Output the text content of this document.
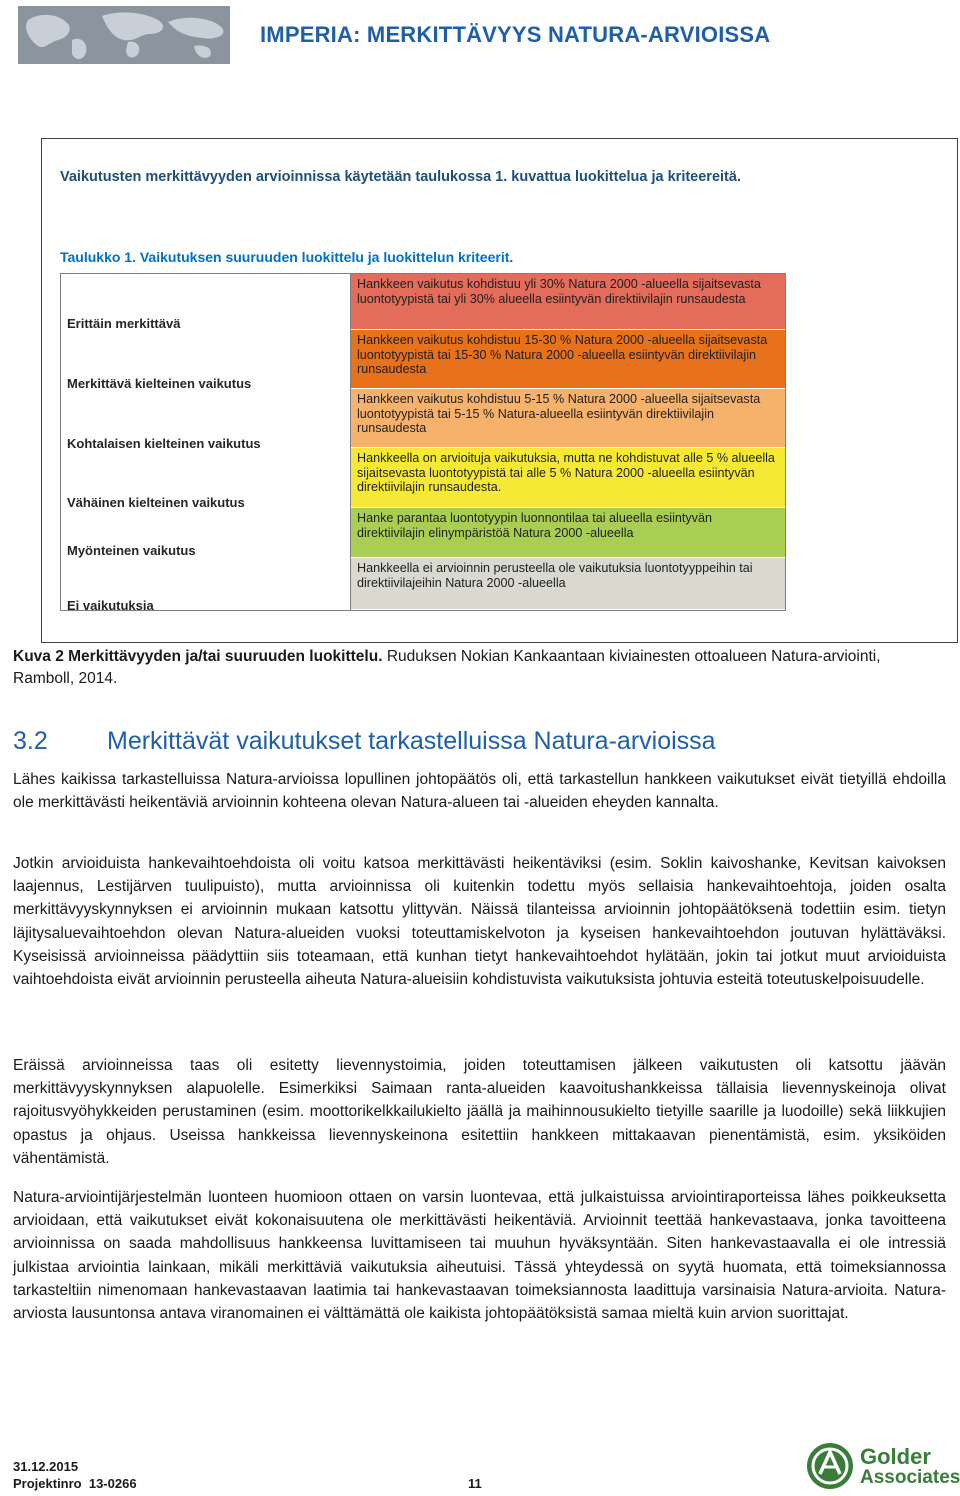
IMPERIA: MERKITTÄVYYS NATURA-ARVIOISSA
Vaikutusten merkittävyyden arvioinnissa käytetään taulukossa 1. kuvattua luokittelua ja kriteereitä.
Taulukko 1. Vaikutuksen suuruuden luokittelu ja luokittelun kriteerit.
Erittäin merkittävä
Merkittävä kielteinen vaikutus
Kohtalaisen kielteinen vaikutus
Vähäinen kielteinen vaikutus
Myönteinen vaikutus
Ei vaikutuksia
Hankkeen vaikutus kohdistuu yli 30% Natura 2000 -alueella sijaitsevasta luontotyypistä tai yli 30% alueella esiintyvän direktiivilajin runsaudesta
Hankkeen vaikutus kohdistuu 15-30 % Natura 2000 -alueella sijaitsevasta luontotyypistä tai 15-30 % Natura 2000 -alueella esiintyvän direktiivilajin runsaudesta
Hankkeen vaikutus kohdistuu 5-15 % Natura 2000 -alueella sijaitsevasta luontotyypistä tai 5-15 % Natura-alueella esiintyvän direktiivilajin runsaudesta
Hankkeella on arvioituja vaikutuksia, mutta ne kohdistuvat alle 5 % alueella sijaitsevasta luontotyypistä tai alle 5 % Natura 2000 -alueella esiintyvän direktiivilajin runsaudesta.
Hanke parantaa luontotyypin luonnontilaa tai alueella esiintyvän direktiivilajin elinympäristöä Natura 2000 -alueella
Hankkeella ei arvioinnin perusteella ole vaikutuksia luontotyyppeihin tai direktiivilajeihin Natura 2000 -alueella
Kuva 2 Merkittävyyden ja/tai suuruuden luokittelu. Ruduksen Nokian Kankaantaan kiviainesten ottoalueen Natura-arviointi, Ramboll, 2014.
3.2 Merkittävät vaikutukset tarkastelluissa Natura-arvioissa
Lähes kaikissa tarkastelluissa Natura-arvioissa lopullinen johtopäätös oli, että tarkastellun hankkeen vaikutukset eivät tietyillä ehdoilla ole merkittävästi heikentäviä arvioinnin kohteena olevan Natura-alueen tai -alueiden eheyden kannalta.
Jotkin arvioiduista hankevaihtoehdoista oli voitu katsoa merkittävästi heikentäviksi (esim. Soklin kaivoshanke, Kevitsan kaivoksen laajennus, Lestijärven tuulipuisto), mutta arvioinnissa oli kuitenkin todettu myös sellaisia hankevaihtoehtoja, joiden osalta merkittävyyskynnyksen ei arvioinnin mukaan katsottu ylittyvän. Näissä tilanteissa arvioinnin johtopäätöksenä todettiin esim. tietyn läjitysaluevaihtoehdon olevan Natura-alueiden vuoksi toteuttamiskelvoton ja kyseisen hankevaihtoehdon joutuvan hylättäväksi. Kyseisissä arvioinneissa päädyttiin siis toteamaan, että kunhan tietyt hankevaihtoehdot hylätään, jokin tai jotkut muut arvioiduista vaihtoehdoista eivät arvioinnin perusteella aiheuta Natura-alueisiin kohdistuvista vaikutuksista johtuvia esteitä toteutuskelpoisuudelle.
Eräissä arvioinneissa taas oli esitetty lievennystoimia, joiden toteuttamisen jälkeen vaikutusten oli katsottu jäävän merkittävyyskynnyksen alapuolelle. Esimerkiksi Saimaan ranta-alueiden kaavoitushankkeissa tällaisia lievennyskeinoja olivat rajoitusvyöhykkeiden perustaminen (esim. moottorikelkkailukielto jäällä ja maihinnousukielto tietyille saarille ja luodoille) sekä liikkujien opastus ja ohjaus. Useissa hankkeissa lievennyskeinona esitettiin hankkeen mittakaavan pienentämistä, esim. yksiköiden vähentämistä.
Natura-arviointijärjestelmän luonteen huomioon ottaen on varsin luontevaa, että julkaistuissa arviointiraporteissa lähes poikkeuksetta arvioidaan, että vaikutukset eivät kokonaisuutena ole merkittävästi heikentäviä. Arvioinnit teettää hankevastaava, jonka tavoitteena arvioinnissa on saada mahdollisuus hankkeensa luvittamiseen tai muuhun hyväksyntään. Siten hankevastaavalla ei ole intressiä julkistaa arviointia lainkaan, mikäli merkittäviä vaikutuksia aiheutuisi. Tässä yhteydessä on syytä huomata, että toimeksiannossa tarkasteltiin nimenomaan hankevastaavan laatimia tai hankevastaavan toimeksiannosta laadittuja varsinaisia Natura-arvioita. Natura-arviosta lausuntonsa antava viranomainen ei välttämättä ole kaikista johtopäätöksistä samaa mieltä kuin arvion suorittajat.
31.12.2015
Projektinro  13-0266	11
Golder
Associates
